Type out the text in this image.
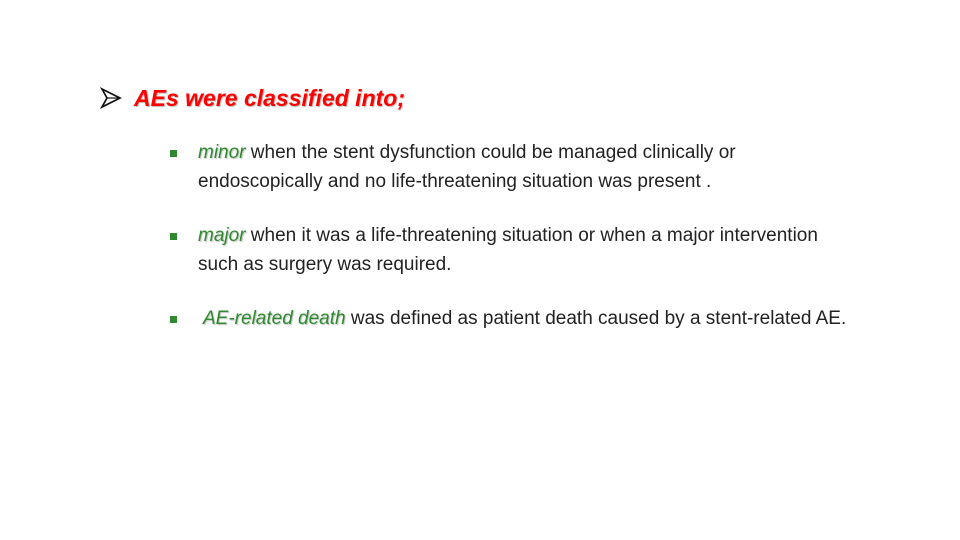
AEs were classified into;
minor when the stent dysfunction could be managed clinically or endoscopically and no life-threatening situation was present .
major when it was a life-threatening situation or when a major intervention such as surgery was required.
AE-related death was defined as patient death caused by a stent-related AE.
